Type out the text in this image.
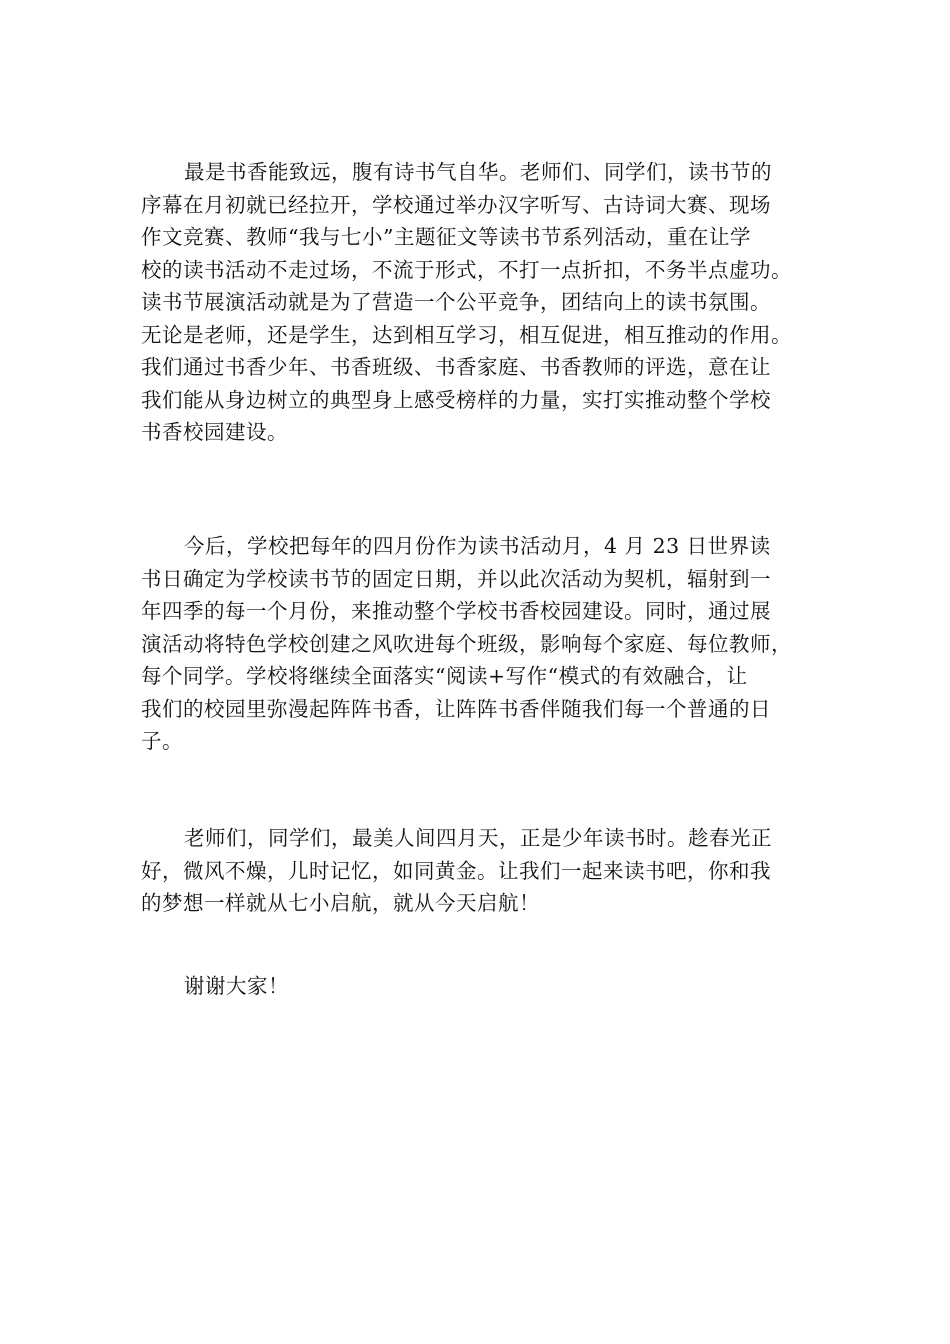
最是书香能致远，腹有诗书气自华。老师们、同学们，读书节的
序幕在月初就已经拉开，学校通过举办汉字听写、古诗词大赛、现场
作文竞赛、教师“我与七小”主题征文等读书节系列活动，重在让学
校的读书活动不走过场，不流于形式，不打一点折扣，不务半点虚功。
读书节展演活动就是为了营造一个公平竞争，团结向上的读书氛围。
无论是老师，还是学生，达到相互学习，相互促进，相互推动的作用。
我们通过书香少年、书香班级、书香家庭、书香教师的评选，意在让
我们能从身边树立的典型身上感受榜样的力量，实打实推动整个学校
书香校园建设。
今后，学校把每年的四月份作为读书活动月，4 月 23 日世界读
书日确定为学校读书节的固定日期，并以此次活动为契机，辐射到一
年四季的每一个月份，来推动整个学校书香校园建设。同时，通过展
演活动将特色学校创建之风吹进每个班级，影响每个家庭、每位教师，
每个同学。学校将继续全面落实“阅读+写作“模式的有效融合，让
我们的校园里弥漫起阵阵书香，让阵阵书香伴随我们每一个普通的日
子。
老师们，同学们，最美人间四月天，正是少年读书时。趁春光正
好，微风不燥，儿时记忆，如同黄金。让我们一起来读书吧，你和我
的梦想一样就从七小启航，就从今天启航！
谢谢大家！
